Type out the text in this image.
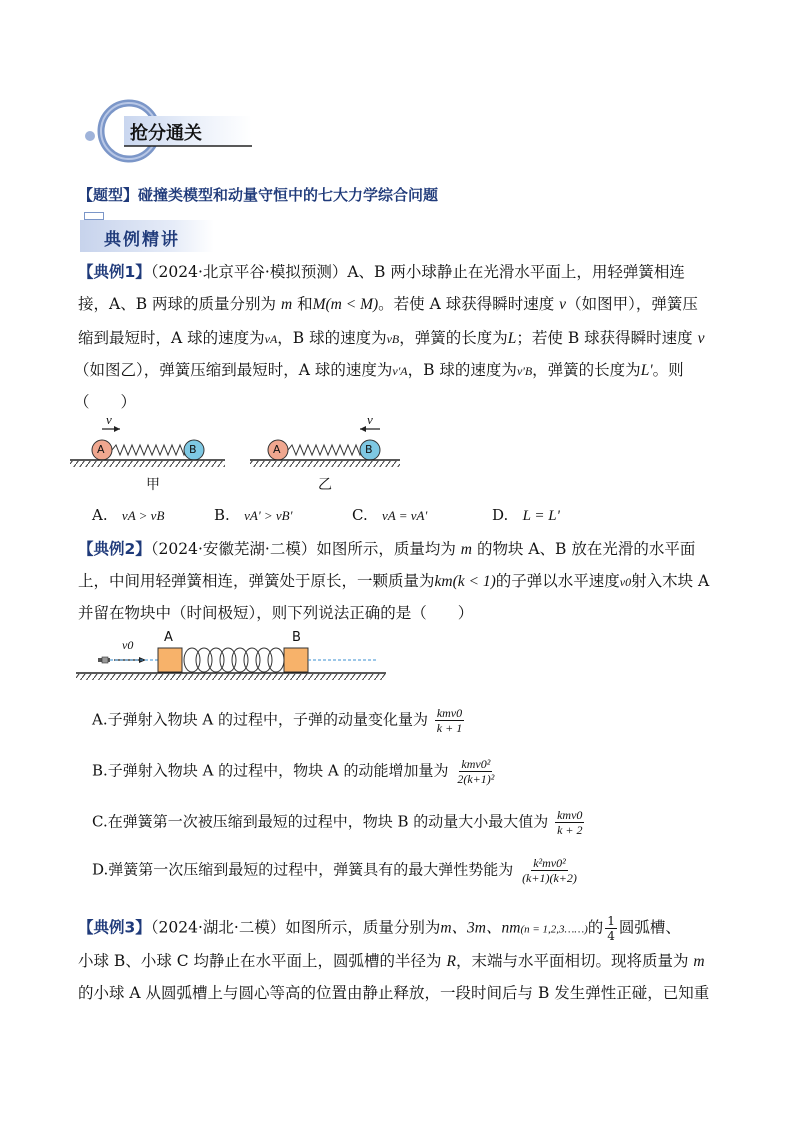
抢分通关
【题型】碰撞类模型和动量守恒中的七大力学综合问题
典例精讲
【典例1】（2024·北京平谷·模拟预测）A、B 两小球静止在光滑水平面上，用轻弹簧相连
接，A、B 两球的质量分别为 m 和M(m < M)。若使 A 球获得瞬时速度 v（如图甲），弹簧压
缩到最短时，A 球的速度为vA，B 球的速度为vB，弹簧的长度为L；若使 B 球获得瞬时速度 v
（如图乙），弹簧压缩到最短时，A 球的速度为v'A，B 球的速度为v'B，弹簧的长度为L'。则
（　　）
A	B	A	B
v	v
甲	乙
A. vA > vB	B. vA' > vB'	C. vA = vA'	D. L = L'
【典例2】（2024·安徽芜湖·二模）如图所示，质量均为 m 的物块 A、B 放在光滑的水平面
上，中间用轻弹簧相连，弹簧处于原长，一颗质量为km(k < 1)的子弹以水平速度v0射入木块 A
并留在物块中（时间极短），则下列说法正确的是（　　）
v0 A	B
A.子弹射入物块 A 的过程中，子弹的动量变化量为 $\frac{\text{kmv0}}{k + 1}$
B.子弹射入物块 A 的过程中，物块 A 的动能增加量为 $\frac{\text{kmv0²}}{\text{2(k+1)²}}$
C.在弹簧第一次被压缩到最短的过程中，物块 B 的动量大小最大值为 $\frac{\text{kmv0}}{k + 2}$
D.弹簧第一次压缩到最短的过程中，弹簧具有的最大弹性势能为 $\frac{\text{k²mv0²}}{(k+1)(k+2)}$
【典例3】（2024·湖北·二模）如图所示，质量分别为m、3m、nm(n = 1,2,3……)的 $\frac{1}{4}$ 圆弧槽、
小球 B、小球 C 均静止在水平面上，圆弧槽的半径为 R，末端与水平面相切。现将质量为 m
的小球 A 从圆弧槽上与圆心等高的位置由静止释放，一段时间后与 B 发生弹性正碰，已知重
